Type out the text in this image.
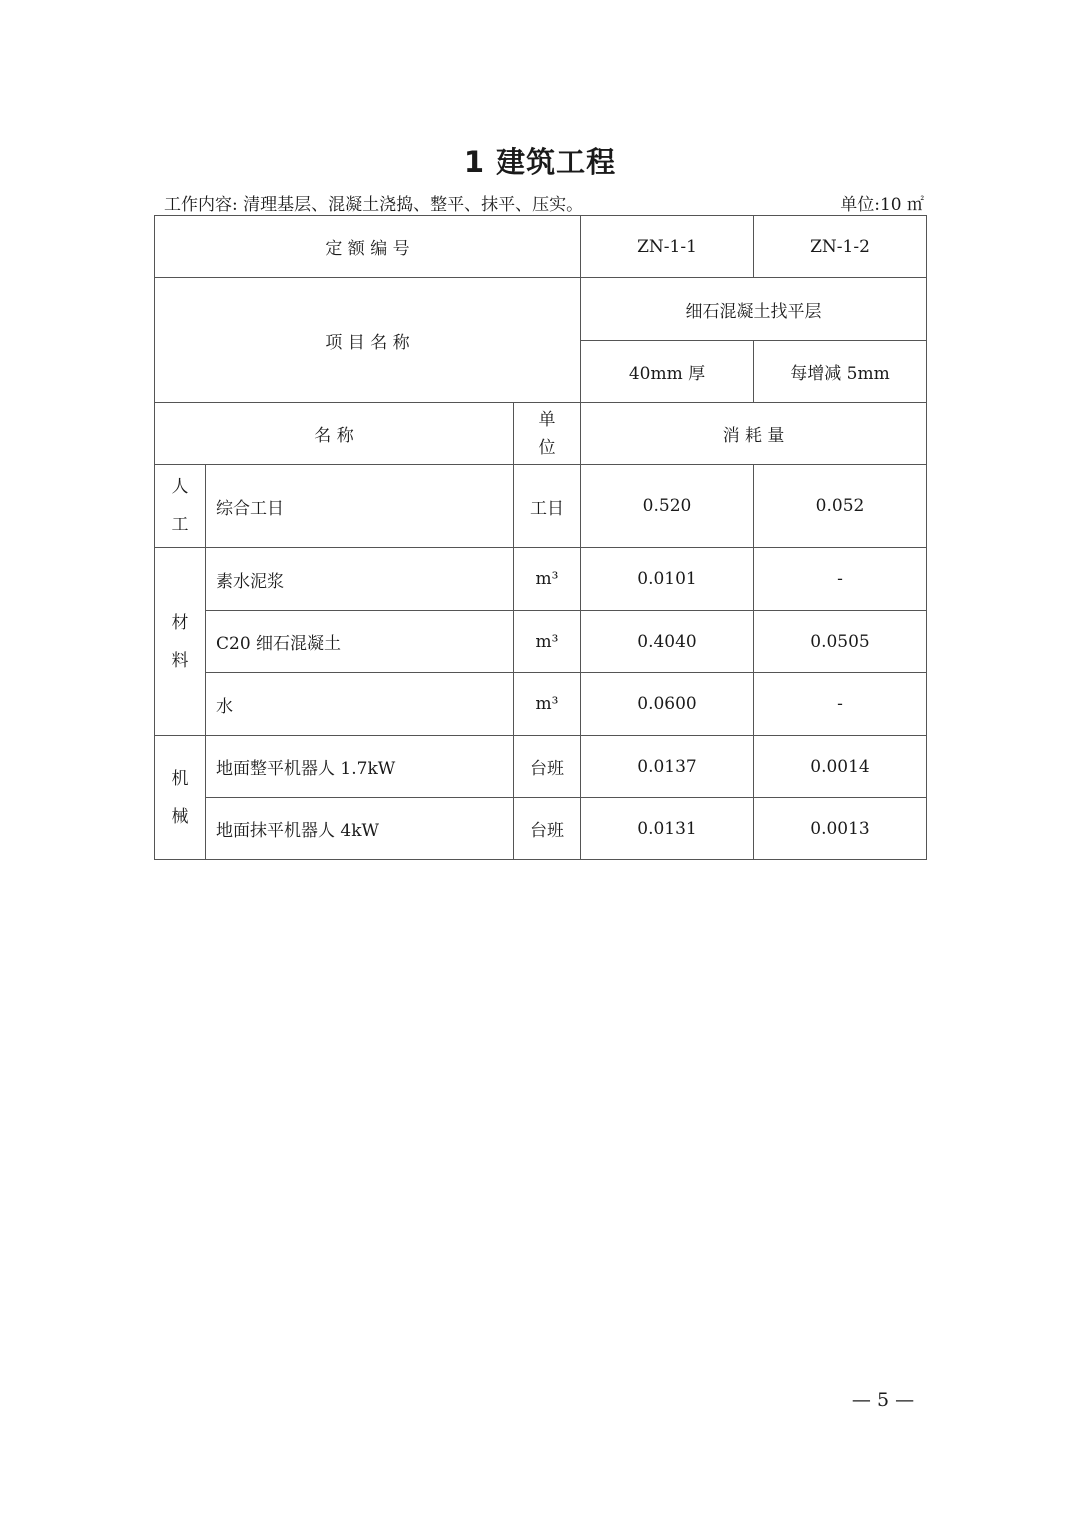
1 建筑工程
工作内容: 清理基层、混凝土浇捣、整平、抹平、压实。	单位:10 ㎡
定 额 编 号			ZN-1-1	ZN-1-2
项 目 名 称			细石混凝土找平层	
			40mm 厚	每增减 5mm
名 称		单位	消 耗 量	
人工	综合工日	工日	0.520	0.052
材料	素水泥浆	m³	0.0101	-
	C20 细石混凝土	m³	0.4040	0.0505
	水	m³	0.0600	-
机械	地面整平机器人 1.7kW	台班	0.0137	0.0014
	地面抹平机器人 4kW	台班	0.0131	0.0013
— 5 —
